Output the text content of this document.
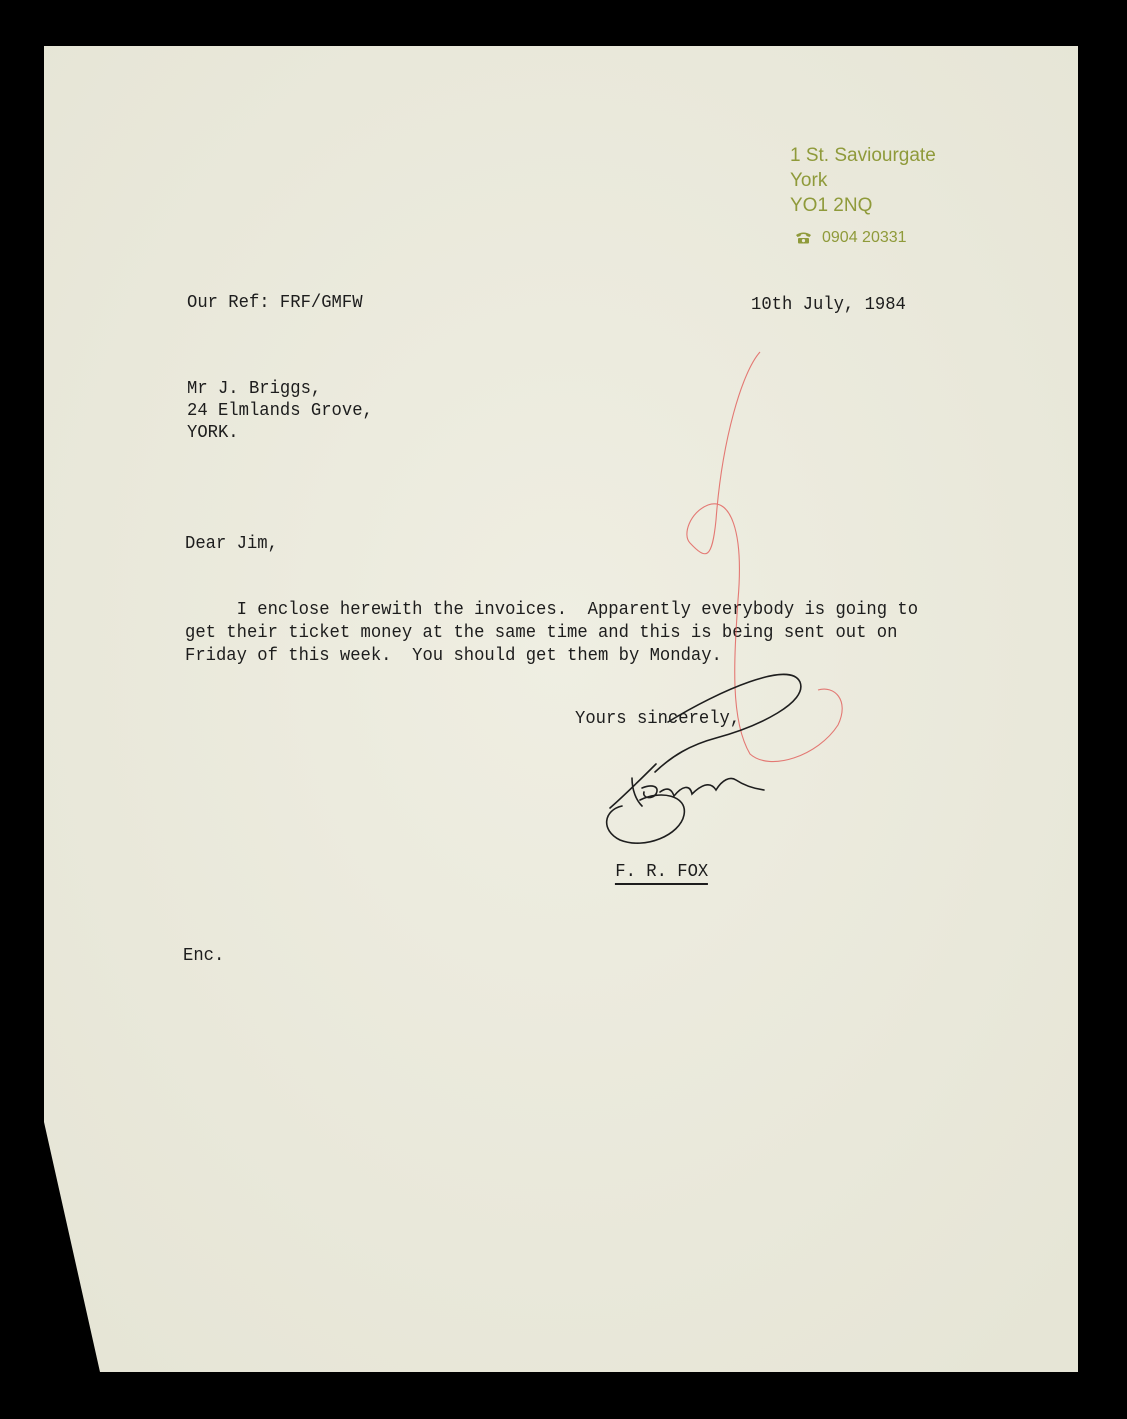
1 St. Saviourgate
York
YO1 2NQ
0904 20331
Our Ref: FRF/GMFW	10th July, 1984
Mr J. Briggs,
24 Elmlands Grove,
YORK.
Dear Jim,
I enclose herewith the invoices.  Apparently everybody is going to
get their ticket money at the same time and this is being sent out on
Friday of this week.  You should get them by Monday.
Yours sincerely,

F. R. FOX

Enc.
